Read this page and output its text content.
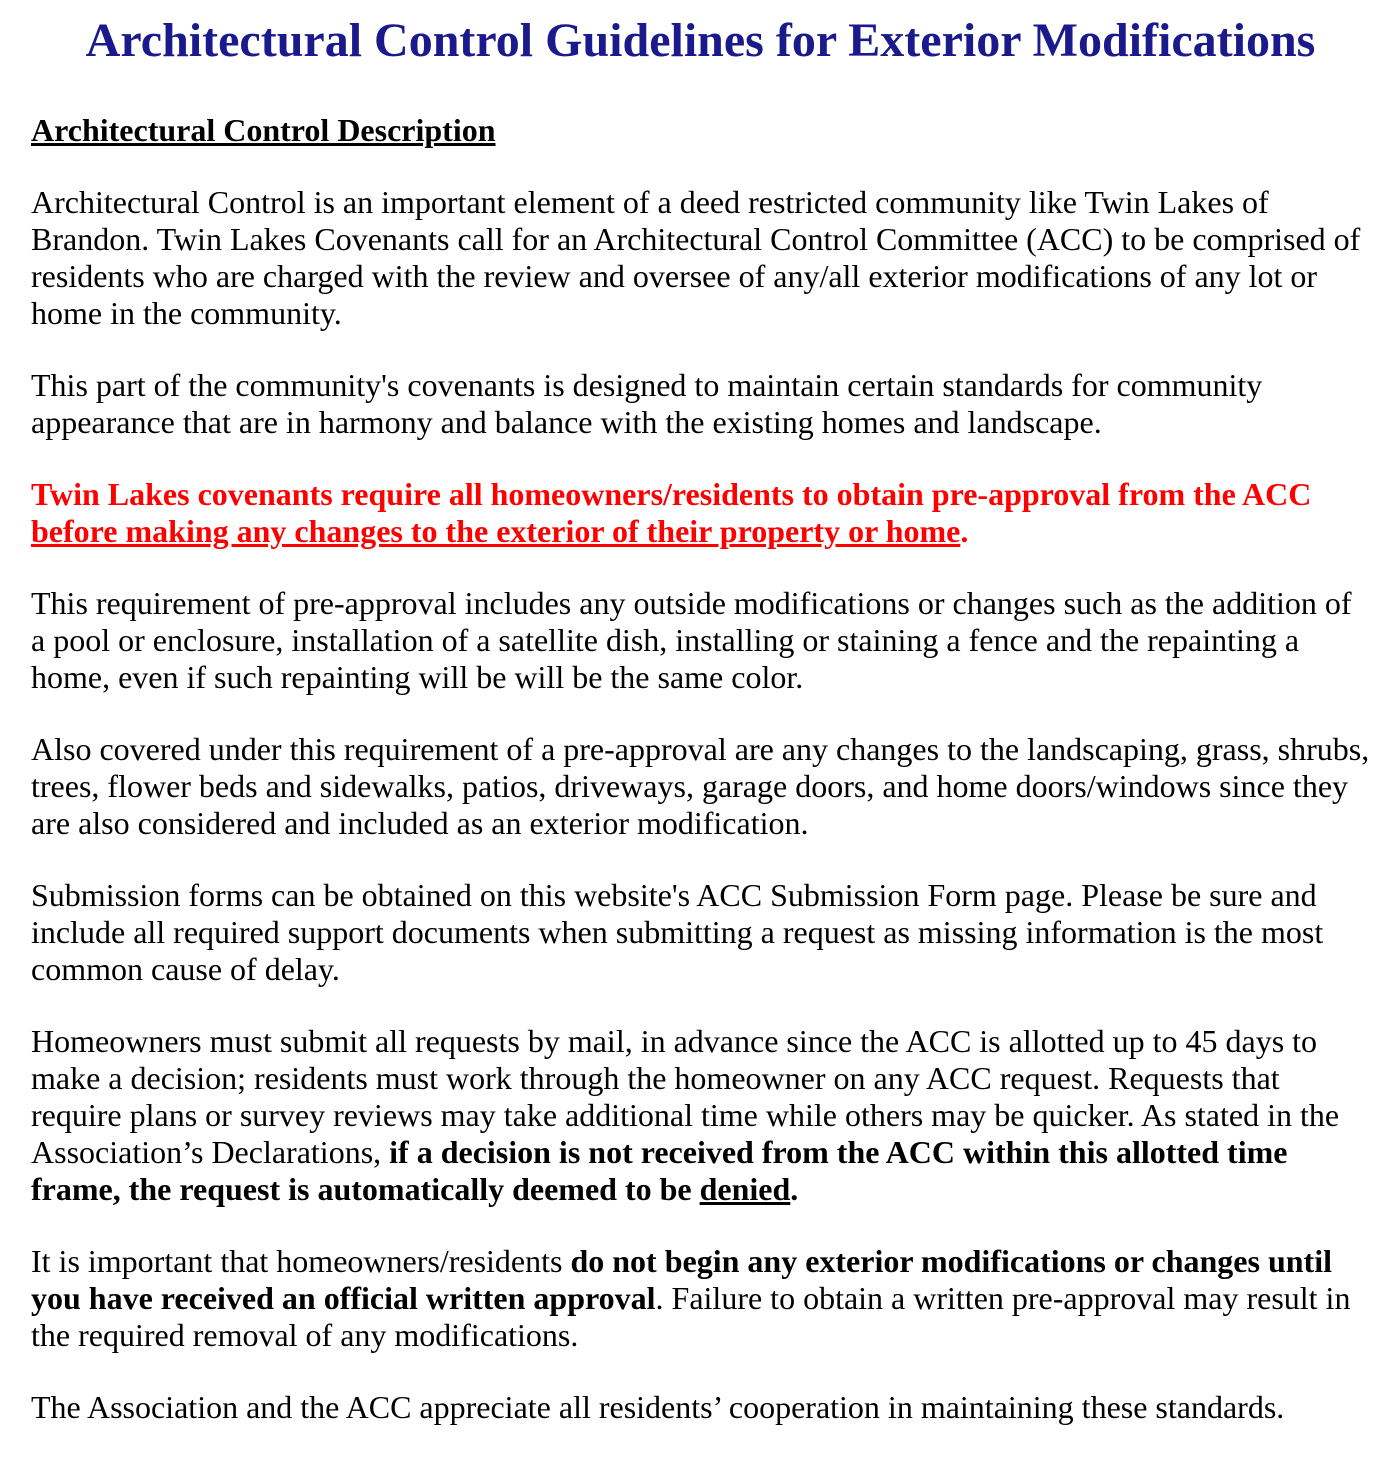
Architectural Control Guidelines for Exterior Modifications

Architectural Control Description

Architectural Control is an important element of a deed restricted community like Twin Lakes of Brandon. Twin Lakes Covenants call for an Architectural Control Committee (ACC) to be comprised of residents who are charged with the review and oversee of any/all exterior modifications of any lot or home in the community.

This part of the community's covenants is designed to maintain certain standards for community appearance that are in harmony and balance with the existing homes and landscape.

Twin Lakes covenants require all homeowners/residents to obtain pre-approval from the ACC before making any changes to the exterior of their property or home.

This requirement of pre-approval includes any outside modifications or changes such as the addition of a pool or enclosure, installation of a satellite dish, installing or staining a fence and the repainting a home, even if such repainting will be will be the same color.

Also covered under this requirement of a pre-approval are any changes to the landscaping, grass, shrubs, trees, flower beds and sidewalks, patios, driveways, garage doors, and home doors/windows since they are also considered and included as an exterior modification.

Submission forms can be obtained on this website's ACC Submission Form page. Please be sure and include all required support documents when submitting a request as missing information is the most common cause of delay.

Homeowners must submit all requests by mail, in advance since the ACC is allotted up to 45 days to make a decision; residents must work through the homeowner on any ACC request. Requests that require plans or survey reviews may take additional time while others may be quicker. As stated in the Association’s Declarations, if a decision is not received from the ACC within this allotted time frame, the request is automatically deemed to be denied.

It is important that homeowners/residents do not begin any exterior modifications or changes until you have received an official written approval. Failure to obtain a written pre-approval may result in the required removal of any modifications.

The Association and the ACC appreciate all residents’ cooperation in maintaining these standards.
